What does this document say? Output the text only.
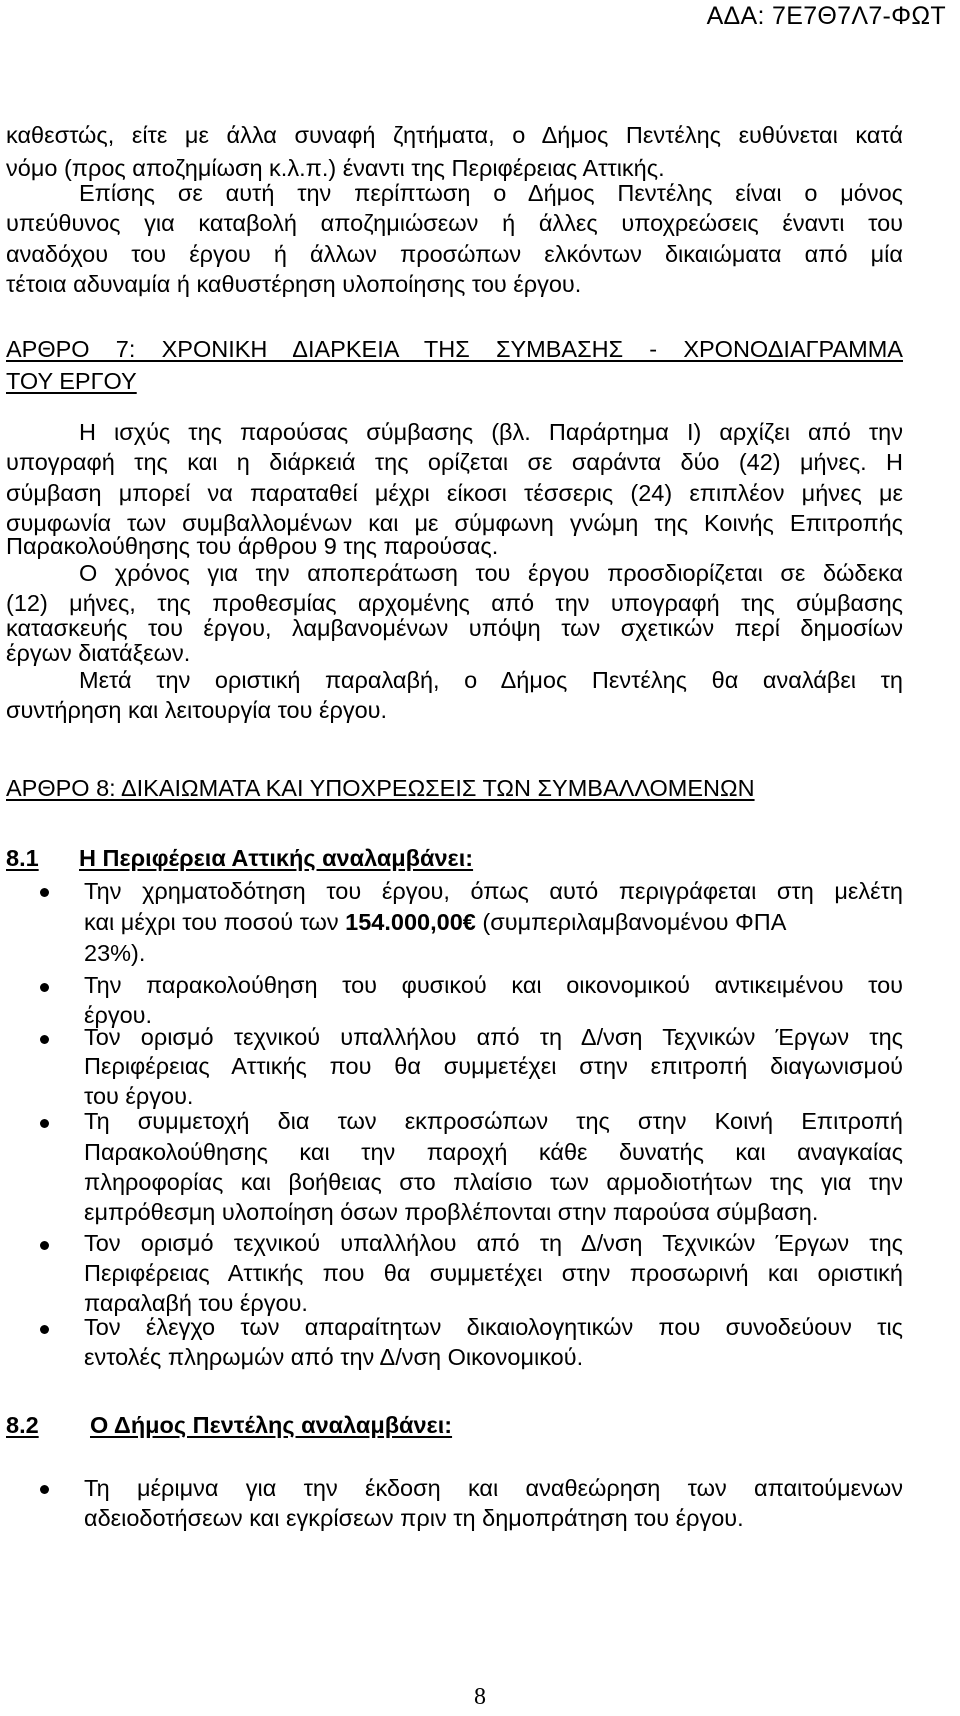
ΑΔΑ: 7Ε7Θ7Λ7-ΦΩΤ
καθεστώς, είτε με άλλα συναφή ζητήματα, ο Δήμος Πεντέλης ευθύνεται κατά
νόμο (προς αποζημίωση κ.λ.π.) έναντι της Περιφέρειας Αττικής.
Επίσης σε αυτή την περίπτωση ο Δήμος Πεντέλης είναι ο μόνος
υπεύθυνος για καταβολή αποζημιώσεων ή άλλες υποχρεώσεις έναντι του
αναδόχου του έργου ή άλλων προσώπων ελκόντων δικαιώματα από μία
τέτοια αδυναμία ή καθυστέρηση υλοποίησης του έργου.
ΑΡΘΡΟ 7: ΧΡΟΝΙΚΗ ΔΙΑΡΚΕΙΑ ΤΗΣ ΣΥΜΒΑΣΗΣ - ΧΡΟΝΟΔΙΑΓΡΑΜΜΑ
ΤΟΥ ΕΡΓΟΥ
Η ισχύς της παρούσας σύμβασης (βλ. Παράρτημα Ι) αρχίζει από την
υπογραφή της και η διάρκειά της ορίζεται σε σαράντα δύο (42) μήνες. Η
σύμβαση μπορεί να παραταθεί μέχρι είκοσι τέσσερις (24) επιπλέον μήνες με
συμφωνία των συμβαλλομένων και με σύμφωνη γνώμη της Κοινής Επιτροπής
Παρακολούθησης του άρθρου 9 της παρούσας.
Ο χρόνος για την αποπεράτωση του έργου προσδιορίζεται σε δώδεκα
(12) μήνες, της προθεσμίας αρχομένης από την υπογραφή της σύμβασης
κατασκευής του έργου, λαμβανομένων υπόψη των σχετικών περί δημοσίων
έργων διατάξεων.
Μετά την οριστική παραλαβή, ο Δήμος Πεντέλης θα αναλάβει τη
συντήρηση και λειτουργία του έργου.
ΑΡΘΡΟ 8: ΔΙΚΑΙΩΜΑΤΑ ΚΑΙ ΥΠΟΧΡΕΩΣΕΙΣ ΤΩΝ ΣΥΜΒΑΛΛΟΜΕΝΩΝ
8.1 Η Περιφέρεια Αττικής αναλαμβάνει:
Την χρηματοδότηση του έργου, όπως αυτό περιγράφεται στη μελέτη
και μέχρι του ποσού των 154.000,00€ (συμπεριλαμβανομένου ΦΠΑ
23%).
Την παρακολούθηση του φυσικού και οικονομικού αντικειμένου του
έργου.
Τον ορισμό τεχνικού υπαλλήλου από τη Δ/νση Τεχνικών Έργων της
Περιφέρειας Αττικής που θα συμμετέχει στην επιτροπή διαγωνισμού
του έργου.
Τη συμμετοχή δια των εκπροσώπων της στην Κοινή Επιτροπή
Παρακολούθησης και την παροχή κάθε δυνατής και αναγκαίας
πληροφορίας και βοήθειας στο πλαίσιο των αρμοδιοτήτων της για την
εμπρόθεσμη υλοποίηση όσων προβλέπονται στην παρούσα σύμβαση.
Τον ορισμό τεχνικού υπαλλήλου από τη Δ/νση Τεχνικών Έργων της
Περιφέρειας Αττικής που θα συμμετέχει στην προσωρινή και οριστική
παραλαβή του έργου.
Τον έλεγχο των απαραίτητων δικαιολογητικών που συνοδεύουν τις
εντολές πληρωμών από την Δ/νση Οικονομικού.
8.2 Ο Δήμος Πεντέλης αναλαμβάνει:
Τη μέριμνα για την έκδοση και αναθεώρηση των απαιτούμενων
αδειοδοτήσεων και εγκρίσεων πριν τη δημοπράτηση του έργου.
8
